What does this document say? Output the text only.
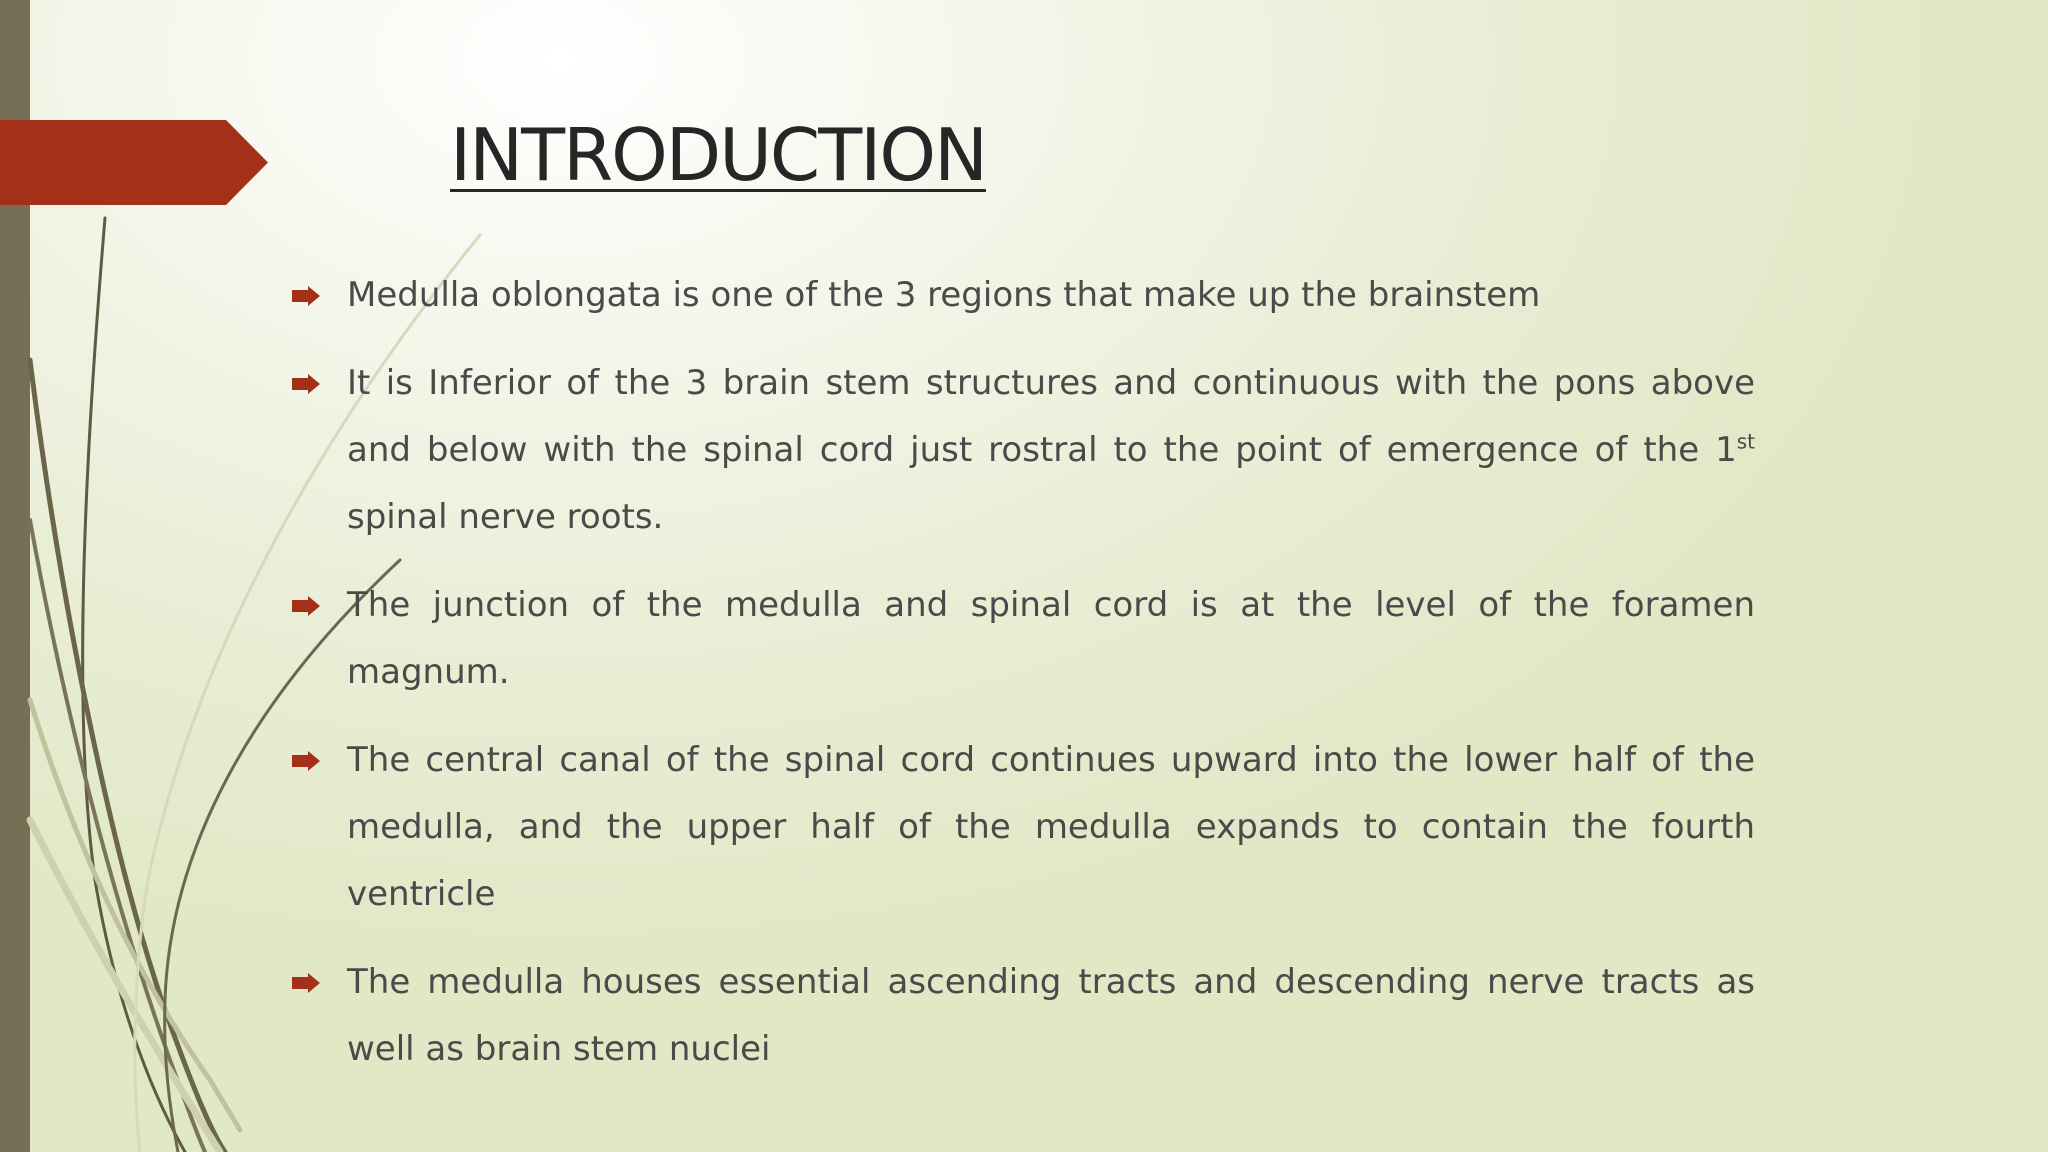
INTRODUCTION
Medulla oblongata is one of the 3 regions that make up the brainstem
It is Inferior of the 3 brain stem structures and continuous with the pons above and below with the spinal cord just rostral to the point of emergence of the 1st spinal nerve roots.
The junction of the medulla and spinal cord is at the level of the foramen magnum.
The central canal of the spinal cord continues upward into the lower half of the medulla, and the upper half of the medulla expands to contain the fourth ventricle
The medulla houses essential ascending tracts and descending nerve tracts as well as brain stem nuclei
